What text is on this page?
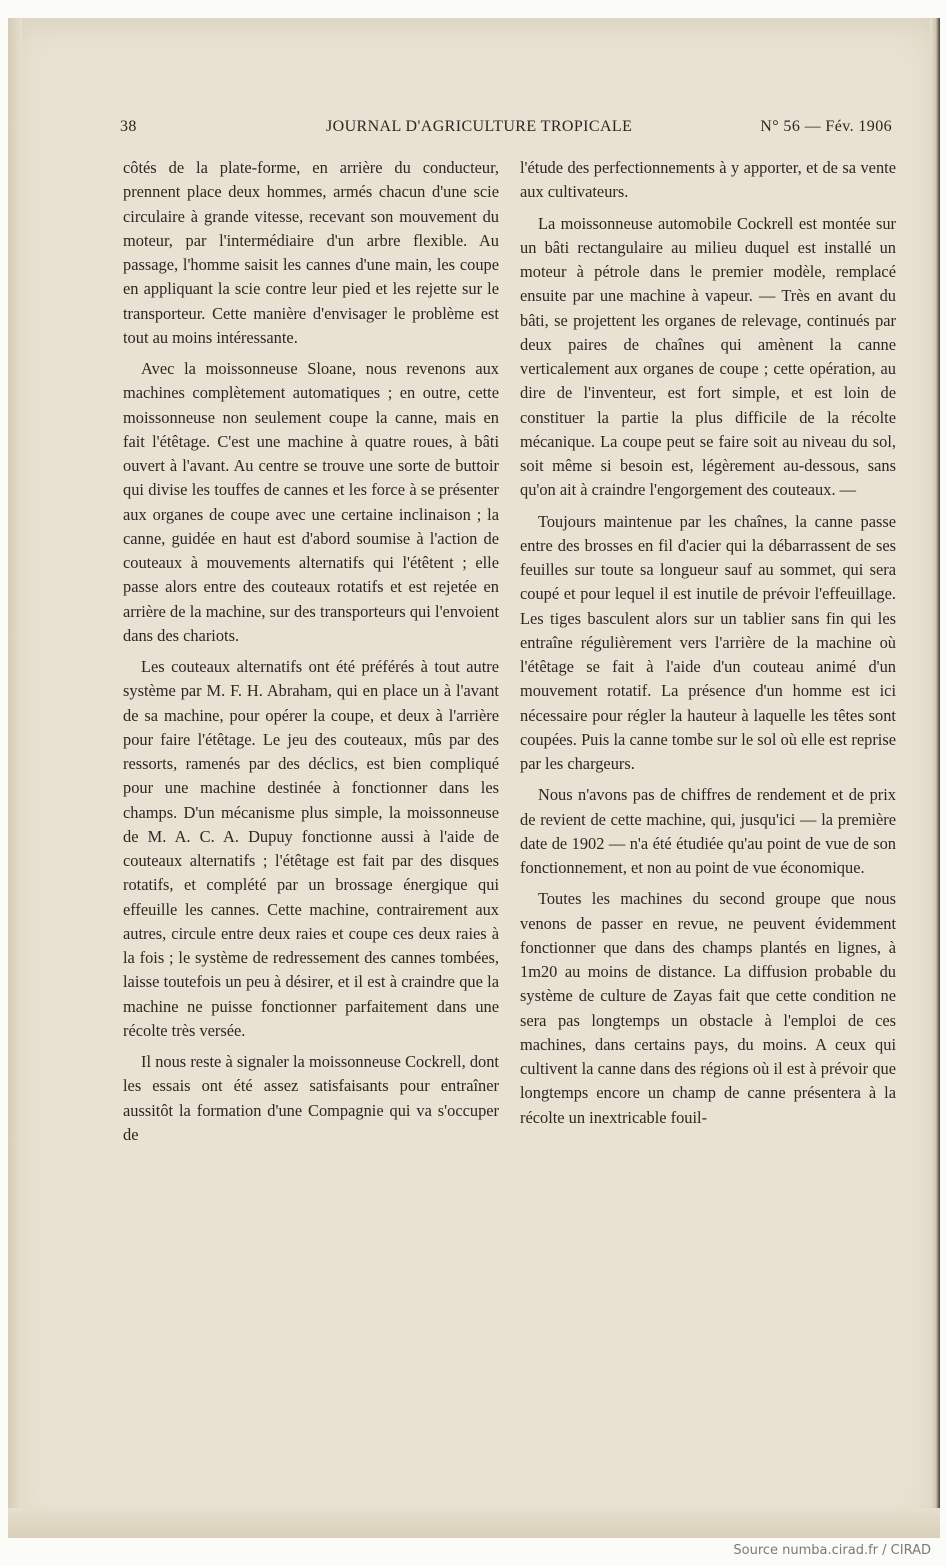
38	JOURNAL D'AGRICULTURE TROPICALE	N° 56 — Fév. 1906

côtés de la plate-forme, en arrière du conducteur, prennent place deux hommes, armés chacun d'une scie circulaire à grande vitesse, recevant son mouvement du moteur, par l'intermédiaire d'un arbre flexible. Au passage, l'homme saisit les cannes d'une main, les coupe en appliquant la scie contre leur pied et les rejette sur le transporteur. Cette manière d'envisager le problème est tout au moins intéressante.

Avec la moissonneuse Sloane, nous revenons aux machines complètement automatiques ; en outre, cette moissonneuse non seulement coupe la canne, mais en fait l'étêtage. C'est une machine à quatre roues, à bâti ouvert à l'avant. Au centre se trouve une sorte de buttoir qui divise les touffes de cannes et les force à se présenter aux organes de coupe avec une certaine inclinaison ; la canne, guidée en haut est d'abord soumise à l'action de couteaux à mouvements alternatifs qui l'étêtent ; elle passe alors entre des couteaux rotatifs et est rejetée en arrière de la machine, sur des transporteurs qui l'envoient dans des chariots.

Les couteaux alternatifs ont été préférés à tout autre système par M. F. H. Abraham, qui en place un à l'avant de sa machine, pour opérer la coupe, et deux à l'arrière pour faire l'étêtage. Le jeu des couteaux, mûs par des ressorts, ramenés par des déclics, est bien compliqué pour une machine destinée à fonctionner dans les champs. D'un mécanisme plus simple, la moissonneuse de M. A. C. A. Dupuy fonctionne aussi à l'aide de couteaux alternatifs ; l'étêtage est fait par des disques rotatifs, et complété par un brossage énergique qui effeuille les cannes. Cette machine, contrairement aux autres, circule entre deux raies et coupe ces deux raies à la fois ; le système de redressement des cannes tombées, laisse toutefois un peu à désirer, et il est à craindre que la machine ne puisse fonctionner parfaitement dans une récolte très versée.

Il nous reste à signaler la moissonneuse Cockrell, dont les essais ont été assez satisfaisants pour entraîner aussitôt la formation d'une Compagnie qui va s'occuper de

l'étude des perfectionnements à y apporter, et de sa vente aux cultivateurs.

La moissonneuse automobile Cockrell est montée sur un bâti rectangulaire au milieu duquel est installé un moteur à pétrole dans le premier modèle, remplacé ensuite par une machine à vapeur. — Très en avant du bâti, se projettent les organes de relevage, continués par deux paires de chaînes qui amènent la canne verticalement aux organes de coupe ; cette opération, au dire de l'inventeur, est fort simple, et est loin de constituer la partie la plus difficile de la récolte mécanique. La coupe peut se faire soit au niveau du sol, soit même si besoin est, légèrement au-dessous, sans qu'on ait à craindre l'engorgement des couteaux. —

Toujours maintenue par les chaînes, la canne passe entre des brosses en fil d'acier qui la débarrassent de ses feuilles sur toute sa longueur sauf au sommet, qui sera coupé et pour lequel il est inutile de prévoir l'effeuillage. Les tiges basculent alors sur un tablier sans fin qui les entraîne régulièrement vers l'arrière de la machine où l'étêtage se fait à l'aide d'un couteau animé d'un mouvement rotatif. La présence d'un homme est ici nécessaire pour régler la hauteur à laquelle les têtes sont coupées. Puis la canne tombe sur le sol où elle est reprise par les chargeurs.

Nous n'avons pas de chiffres de rendement et de prix de revient de cette machine, qui, jusqu'ici — la première date de 1902 — n'a été étudiée qu'au point de vue de son fonctionnement, et non au point de vue économique.

Toutes les machines du second groupe que nous venons de passer en revue, ne peuvent évidemment fonctionner que dans des champs plantés en lignes, à 1m20 au moins de distance. La diffusion probable du système de culture de Zayas fait que cette condition ne sera pas longtemps un obstacle à l'emploi de ces machines, dans certains pays, du moins. A ceux qui cultivent la canne dans des régions où il est à prévoir que longtemps encore un champ de canne présentera à la récolte un inextricable fouil-

Source numba.cirad.fr / CIRAD
